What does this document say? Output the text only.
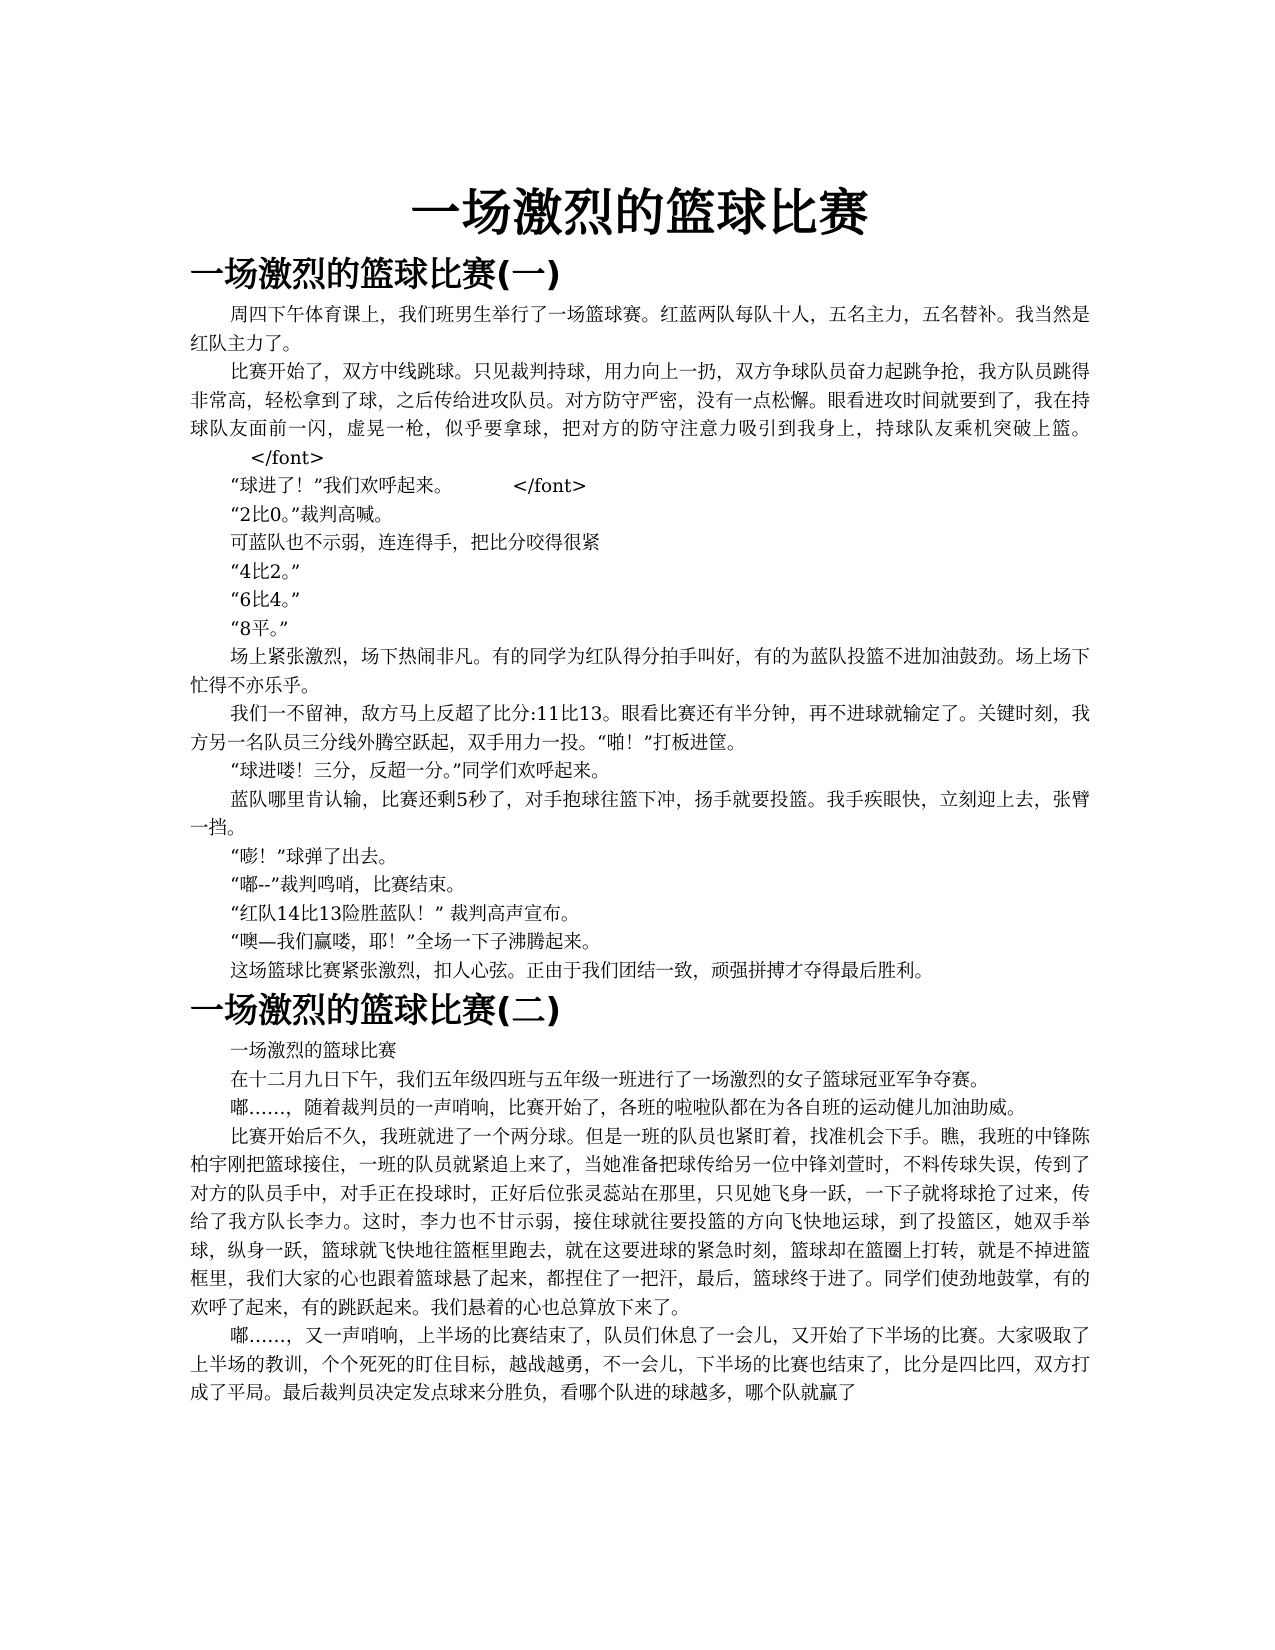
一场激烈的篮球比赛
一场激烈的篮球比赛(一)

周四下午体育课上，我们班男生举行了一场篮球赛。红蓝两队每队十人，五名主力，五名替补。我当然是红队主力了。

比赛开始了，双方中线跳球。只见裁判持球，用力向上一扔，双方争球队员奋力起跳争抢，我方队员跳得非常高，轻松拿到了球，之后传给进攻队员。对方防守严密，没有一点松懈。眼看进攻时间就要到了，我在持球队友面前一闪，虚晃一枪，似乎要拿球，把对方的防守注意力吸引到我身上，持球队友乘机突破上篮。</font>

“球进了！”我们欢呼起来。	</font>

“2比0。”裁判高喊。

可蓝队也不示弱，连连得手，把比分咬得很紧

“4比2。”

“6比4。”

“8平。”

场上紧张激烈，场下热闹非凡。有的同学为红队得分拍手叫好，有的为蓝队投篮不进加油鼓劲。场上场下忙得不亦乐乎。

我们一不留神，敌方马上反超了比分:11比13。眼看比赛还有半分钟，再不进球就输定了。关键时刻，我方另一名队员三分线外腾空跃起，双手用力一投。“啪！”打板进筐。

“球进喽！三分，反超一分。”同学们欢呼起来。

蓝队哪里肯认输，比赛还剩5秒了，对手抱球往篮下冲，扬手就要投篮。我手疾眼快，立刻迎上去，张臂一挡。

“嘭！”球弹了出去。

“嘟--”裁判鸣哨，比赛结束。

“红队14比13险胜蓝队！” 裁判高声宣布。

“噢—我们赢喽，耶！”全场一下子沸腾起来。

这场篮球比赛紧张激烈，扣人心弦。正由于我们团结一致，顽强拼搏才夺得最后胜利。

一场激烈的篮球比赛(二)

一场激烈的篮球比赛

在十二月九日下午，我们五年级四班与五年级一班进行了一场激烈的女子篮球冠亚军争夺赛。

嘟……，随着裁判员的一声哨响，比赛开始了，各班的啦啦队都在为各自班的运动健儿加油助威。

比赛开始后不久，我班就进了一个两分球。但是一班的队员也紧盯着，找准机会下手。瞧，我班的中锋陈柏宇刚把篮球接住，一班的队员就紧追上来了，当她准备把球传给另一位中锋刘萱时，不料传球失误，传到了对方的队员手中，对手正在投球时，正好后位张灵蕊站在那里，只见她飞身一跃，一下子就将球抢了过来，传给了我方队长李力。这时，李力也不甘示弱，接住球就往要投篮的方向飞快地运球，到了投篮区，她双手举球，纵身一跃，篮球就飞快地往篮框里跑去，就在这要进球的紧急时刻，篮球却在篮圈上打转，就是不掉进篮框里，我们大家的心也跟着篮球悬了起来，都捏住了一把汗，最后，篮球终于进了。同学们使劲地鼓掌，有的欢呼了起来，有的跳跃起来。我们悬着的心也总算放下来了。

嘟……，又一声哨响，上半场的比赛结束了，队员们休息了一会儿，又开始了下半场的比赛。大家吸取了上半场的教训，个个死死的盯住目标，越战越勇，不一会儿，下半场的比赛也结束了，比分是四比四，双方打成了平局。最后裁判员决定发点球来分胜负，看哪个队进的球越多，哪个队就赢了
